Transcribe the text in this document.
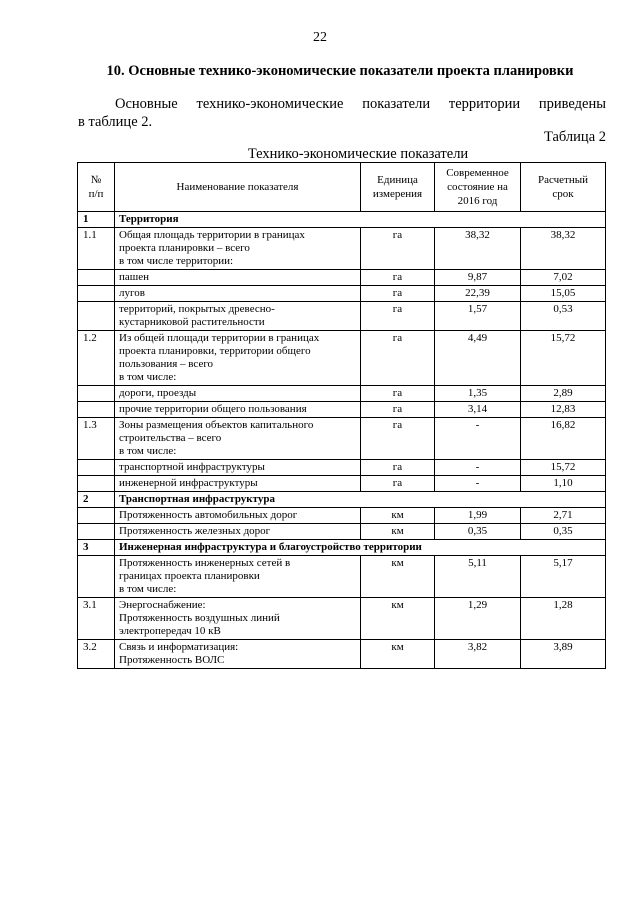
22
10. Основные технико-экономические показатели проекта планировки
Основные технико-экономические показатели территории приведены
в таблице 2.
Таблица 2
Технико-экономические показатели
№
п/п	Наименование показателя	Единица
измерения	Современное
состояние на
2016 год	Расчетный
срок
1	Территория			
1.1	Общая площадь территории в границах
проекта планировки – всего
в том числе территории:	га	38,32	38,32
	пашен	га	9,87	7,02
	лугов	га	22,39	15,05
	территорий, покрытых древесно-
кустарниковой растительности	га	1,57	0,53
1.2	Из общей площади территории в границах
проекта планировки, территории общего
пользования – всего
в том числе:	га	4,49	15,72
	дороги, проезды	га	1,35	2,89
	прочие территории общего пользования	га	3,14	12,83
1.3	Зоны размещения объектов капитального
строительства – всего
в том числе:	га	-	16,82
	транспортной инфраструктуры	га	-	15,72
	инженерной инфраструктуры	га	-	1,10
2	Транспортная инфраструктура			
	Протяженность автомобильных дорог	км	1,99	2,71
	Протяженность железных дорог	км	0,35	0,35
3	Инженерная инфраструктура и благоустройство территории			
	Протяженность инженерных сетей в
границах проекта планировки
в том числе:	км	5,11	5,17
3.1	Энергоснабжение:
Протяженность воздушных линий
электропередач 10 кВ	км	1,29	1,28
3.2	Связь и информатизация:
Протяженность ВОЛС	км	3,82	3,89
